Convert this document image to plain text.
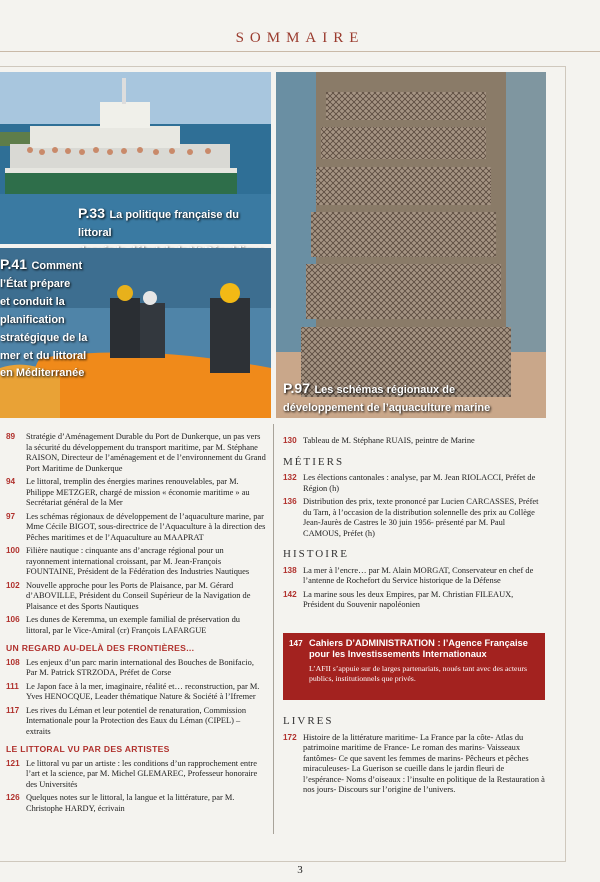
SOMMAIRE
P.33 La politique française du littoral

P.41 Comment
l’État prépare
et conduit la
planification
stratégique de la
mer et du littoral
en Méditerranée
P.97 Les schémas régionaux de
développement de l’aquaculture marine
89	Stratégie d’Aménagement Durable du Port de Dunkerque, un pas vers la sécurité du développement du transport maritime, par M. Stéphane RAISON, Directeur de l’aménagement et de l’environnement du Grand Port Maritime de Dunkerque
94	Le littoral, tremplin des énergies marines renouvelables, par M. Philippe METZGER, chargé de mission « économie maritime » au Secrétariat général de la Mer
97	Les schémas régionaux de développement de l’aquaculture marine, par Mme Cécile BIGOT, sous-directrice de l’Aquaculture à la direction des Pêches maritimes et de l’Aquaculture au MAAPRAT
100 Filière nautique : cinquante ans d’ancrage régional pour un rayonnement international croissant, par M. Jean-François FOUNTAINE, Président de la Fédération des Industries Nautiques
102 Nouvelle approche pour les Ports de Plaisance, par M. Gérard d’ABOVILLE, Président du Conseil Supérieur de la Navigation de Plaisance et des Sports Nautiques
106 Les dunes de Keremma, un exemple familial de préservation du littoral, par le Vice-Amiral (cr) François LAFARGUE
UN REGARD AU-DELÀ DES FRONTIÈRES...
108 Les enjeux d’un parc marin international des Bouches de Bonifacio, Par M. Patrick STRZODA, Préfet de Corse
111 Le Japon face à la mer, imaginaire, réalité et… reconstruction, par M. Yves HENOCQUE, Leader thématique Nature & Société à l’Ifremer
117 Les rives du Léman et leur potentiel de renaturation, Commission Internationale pour la Protection des Eaux du Léman (CIPEL) – extraits
LE LITTORAL VU PAR DES ARTISTES
121 Le littoral vu par un artiste : les conditions d’un rapprochement entre l’art et la science, par M. Michel GLEMAREC, Professeur honoraire des Universités
126 Quelques notes sur le littoral, la langue et la littérature, par M. Christophe HARDY, écrivain
130 Tableau de M. Stéphane RUAIS, peintre de Marine
MÉTIERS
132 Les élections cantonales : analyse, par M. Jean RIOLACCI, Préfet de Région (h)
136 Distribution des prix, texte prononcé par Lucien CARCASSES, Préfet du Tarn, à l’occasion de la distribution solennelle des prix au Collège Jean-Jaurès de Castres le 30 juin 1956- présenté par M. Paul CAMOUS, Préfet (h)
HISTOIRE
138 La mer à l’encre… par M. Alain MORGAT, Conservateur en chef de l’antenne de Rochefort du Service historique de la Défense
142 La marine sous les deux Empires, par M. Christian FILEAUX, Président du Souvenir napoléonien
147 Cahiers D’ADMINISTRATION : l’Agence Française pour les Investissements Internationaux
L’AFII s’appuie sur de larges partenariats, noués tant avec des acteurs publics, institutionnels que privés.
LIVRES
172 Histoire de la littérature maritime- La France par la côte- Atlas du patrimoine maritime de France- Le roman des marins- Vaisseaux fantômes- Ce que savent les femmes de marins- Pêcheurs et pêches miraculeuses- La Guerison se cueille dans le jardin fleuri de l’espérance- Noms d’oiseaux : l’insulte en politique de la Restauration à nos jours- Discours sur l’origine de l’univers.
3
